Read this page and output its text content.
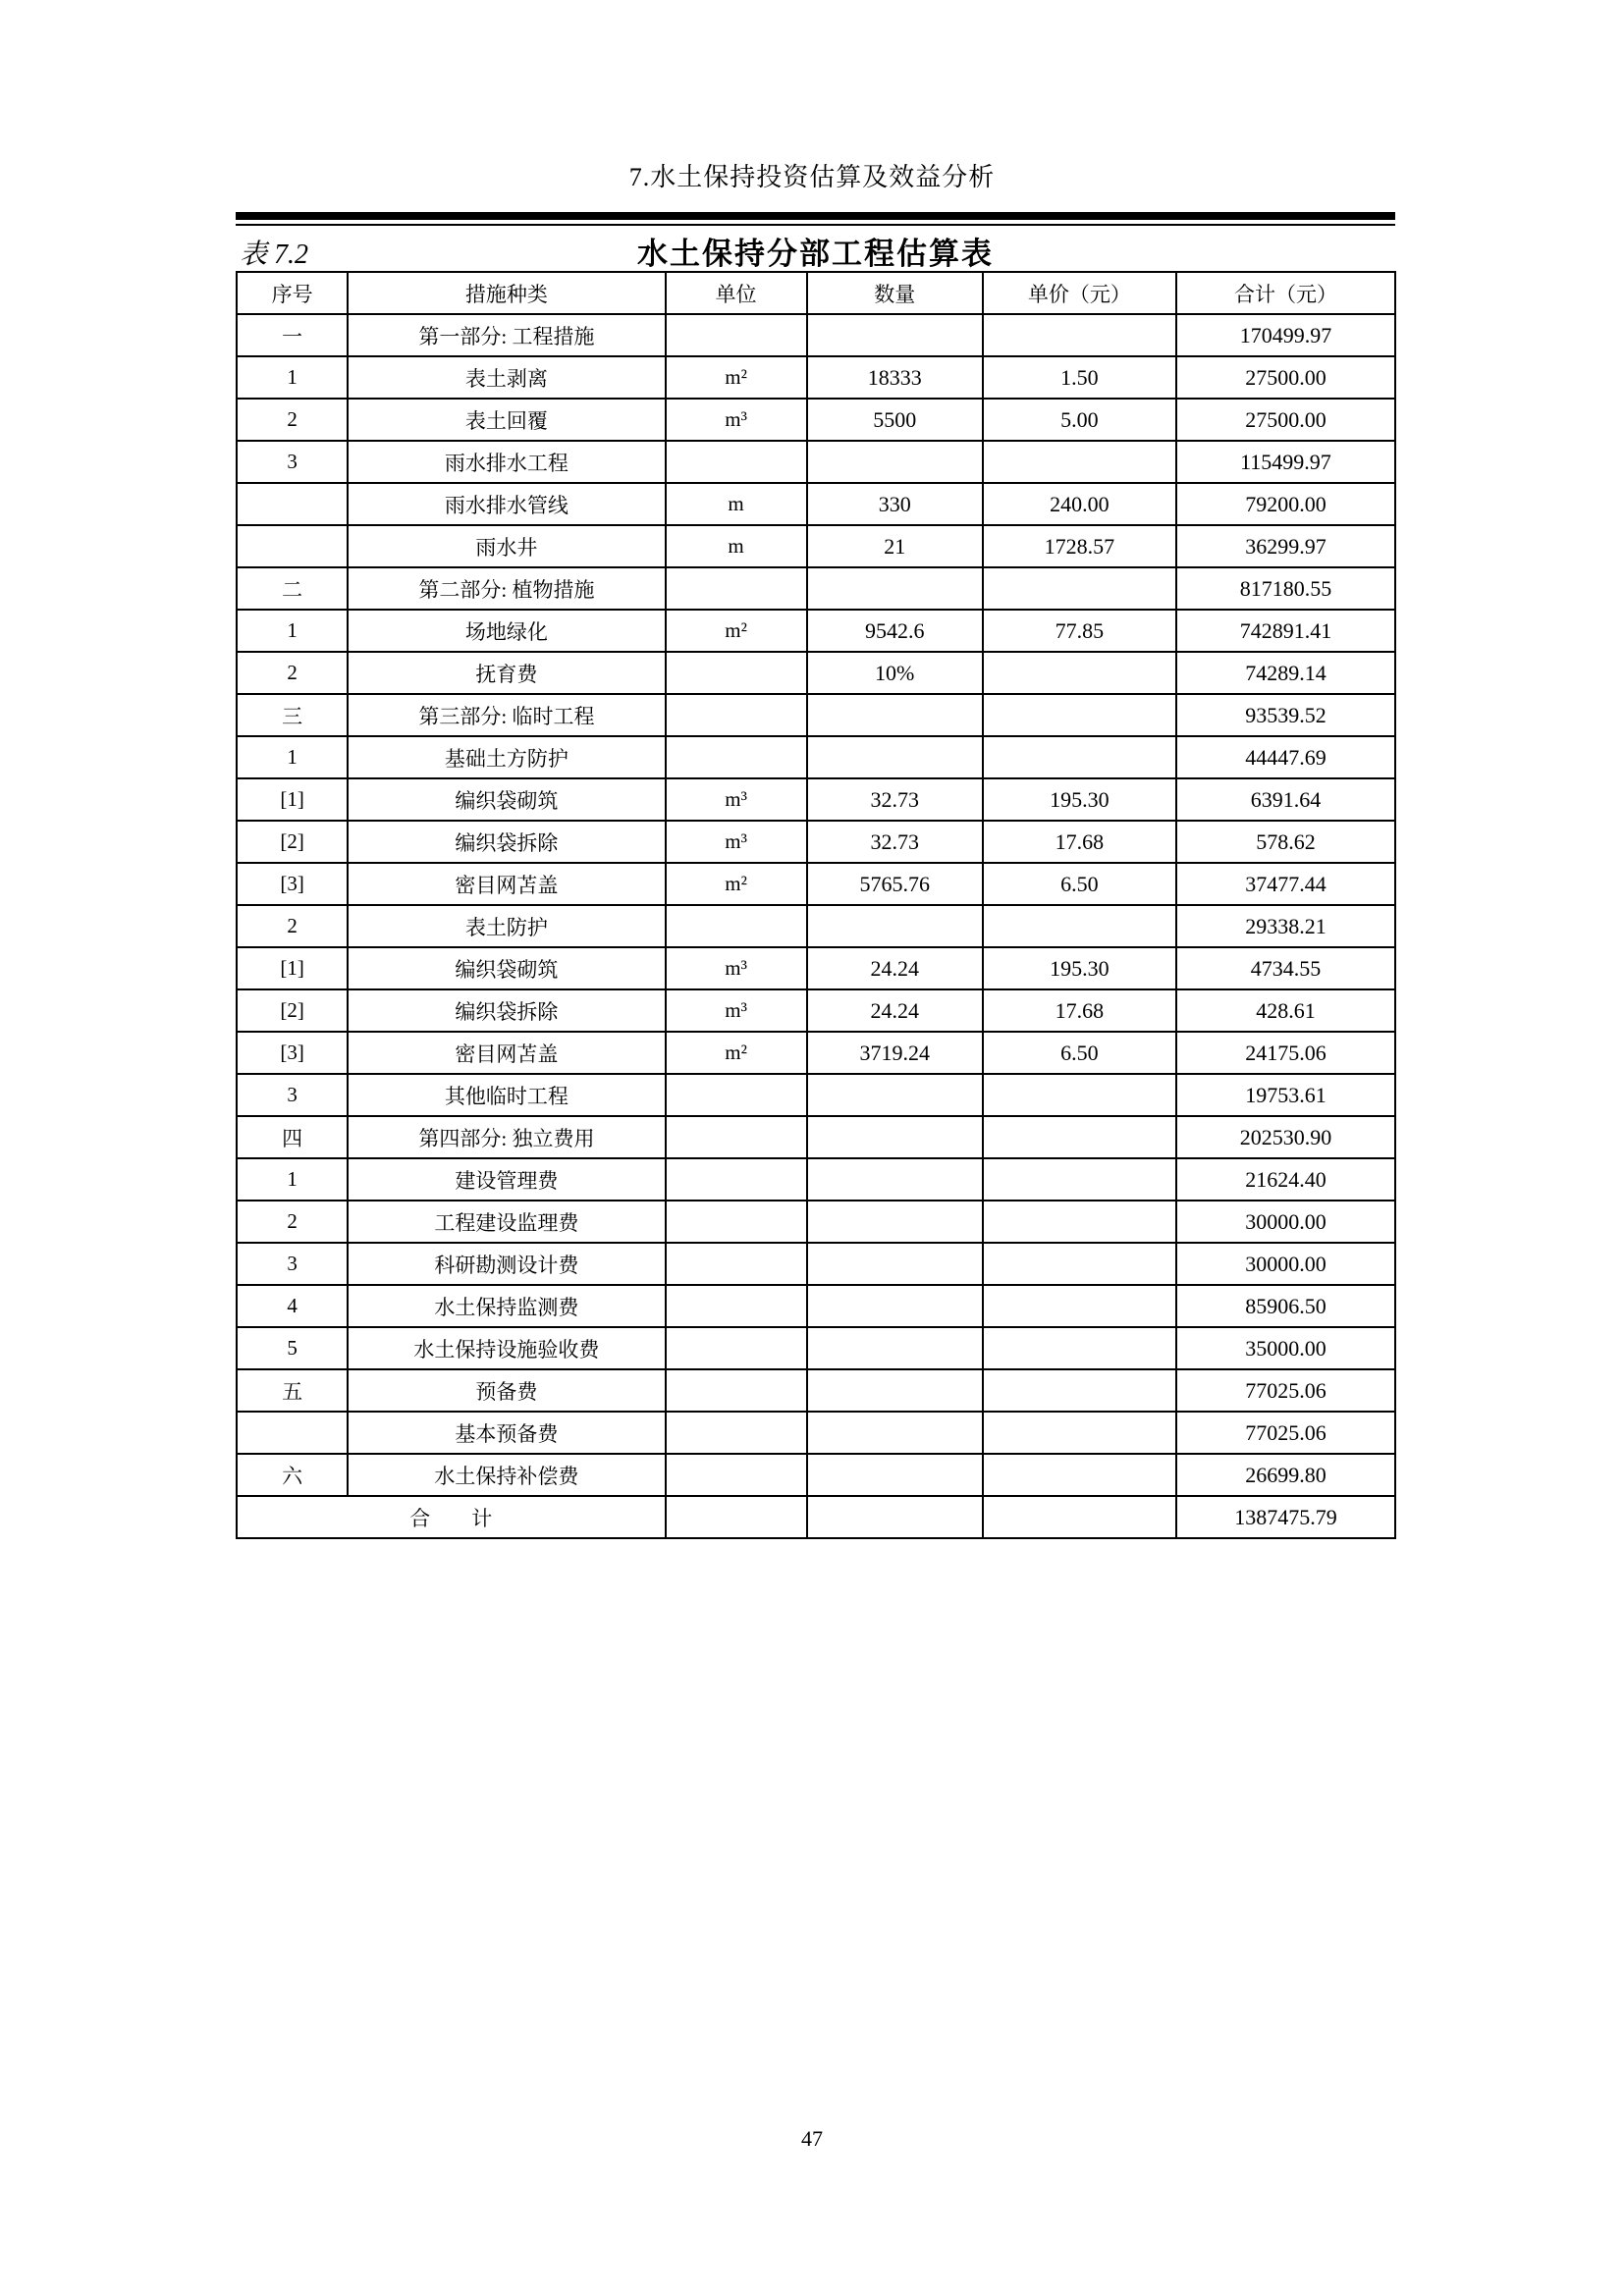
7.水土保持投资估算及效益分析
表 7.2	水土保持分部工程估算表
序号	措施种类	单位	数量	单价（元）	合计（元）
一	第一部分: 工程措施				170499.97
1	表土剥离	m²	18333	1.50	27500.00
2	表土回覆	m³	5500	5.00	27500.00
3	雨水排水工程				115499.97
	雨水排水管线	m	330	240.00	79200.00
	雨水井	m	21	1728.57	36299.97
二	第二部分: 植物措施				817180.55
1	场地绿化	m²	9542.6	77.85	742891.41
2	抚育费		10%		74289.14
三	第三部分: 临时工程				93539.52
1	基础土方防护				44447.69
[1]	编织袋砌筑	m³	32.73	195.30	6391.64
[2]	编织袋拆除	m³	32.73	17.68	578.62
[3]	密目网苫盖	m²	5765.76	6.50	37477.44
2	表土防护				29338.21
[1]	编织袋砌筑	m³	24.24	195.30	4734.55
[2]	编织袋拆除	m³	24.24	17.68	428.61
[3]	密目网苫盖	m²	3719.24	6.50	24175.06
3	其他临时工程				19753.61
四	第四部分: 独立费用				202530.90
1	建设管理费				21624.40
2	工程建设监理费				30000.00
3	科研勘测设计费				30000.00
4	水土保持监测费				85906.50
5	水土保持设施验收费				35000.00
五	预备费				77025.06
	基本预备费				77025.06
六	水土保持补偿费				26699.80
合　　计					1387475.79
47
